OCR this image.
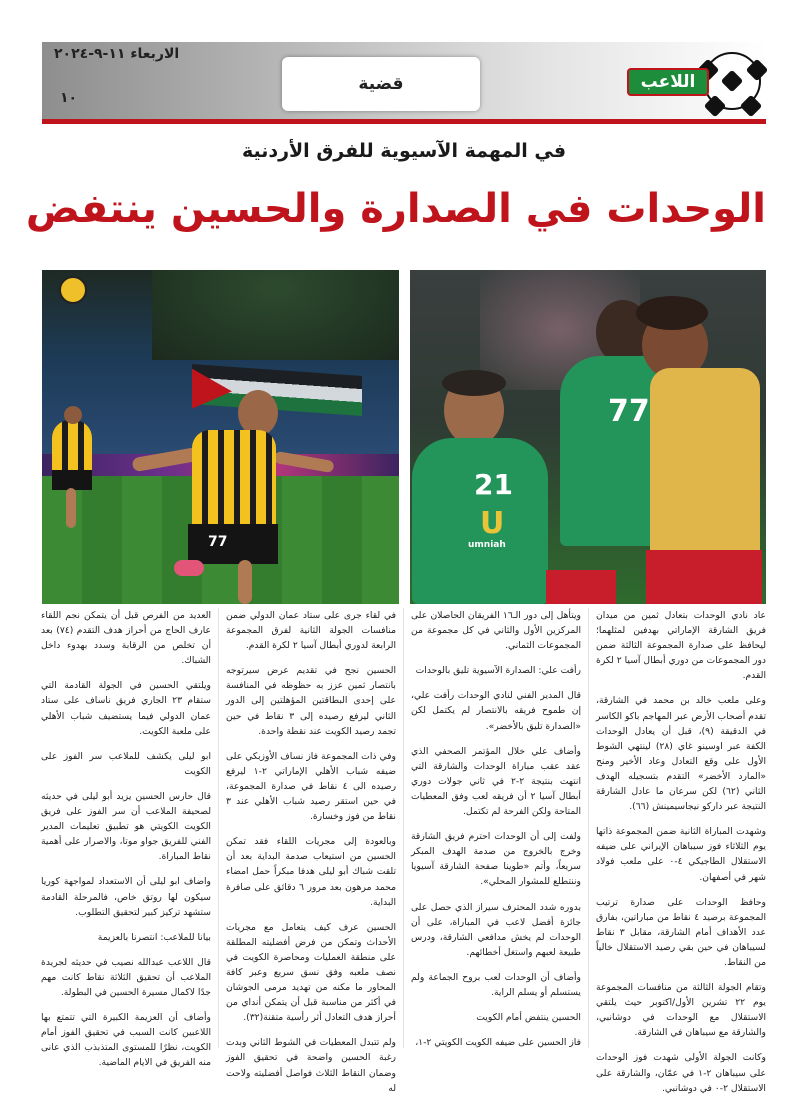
اللاعب
قضية
الاربعاء ١١-٩-٢٠٢٤
١٠
في المهمة الآسيوية للفرق الأردنية
الوحدات في الصدارة والحسين ينتفض
77
21
U
umniah
77

عاد نادي الوحدات بتعادل ثمين من ميدان فريق الشارقة الإماراتي بهدفين لمثلهما؛ ليحافظ على صدارة المجموعة الثالثة ضمن دور المجموعات من دوري أبطال آسيا ٢ لكرة القدم.

وعلى ملعب خالد بن محمد في الشارقة، تقدم أصحاب الأرض عبر المهاجم باكو الكاسر في الدقيقة (٩)، قبل أن يعادل الوحدات الكفة عبر اوسينو غاي (٢٨) لينتهي الشوط الأول على وقع التعادل وعاد الأخير ومنح «المارد الأخضر» التقدم بتسجيله الهدف الثاني (٦٢) لكن سرعان ما عادل الشارقة النتيجة عبر داركو نيجاسيمينش (٦٦).

وشهدت المباراة الثانية ضمن المجموعة ذاتها يوم الثلاثاء فوز سيباهان الإيراني على ضيفه الاستقلال الطاجيكي ٤-٠ على ملعب فولاد شهر في أصفهان.

وحافظ الوحدات على صدارة ترتيب المجموعة برصيد ٤ نقاط من مباراتين، بفارق عدد الأهداف أمام الشارقة، مقابل ٣ نقاط لسيباهان في حين بقي رصيد الاستقلال خالياً من النقاط.

وتقام الجولة الثالثة من منافسات المجموعة يوم ٢٢ تشرين الأول/اكتوبر حيث يلتقي الاستقلال مع الوحدات في دوشانبي، والشارقة مع سيباهان في الشارقة.

وكانت الجولة الأولى شهدت فوز الوحدات على سيباهان ٢-١ في عمّان، والشارقة على الاستقلال ٢-٠ في دوشانبي.

ويتأهل إلى دور الـ١٦ الفريقان الحاصلان على المركزين الأول والثاني في كل مجموعة من المجموعات الثماني.

رأفت علي: الصدارة الآسيوية تليق بالوحدات

قال المدير الفني لنادي الوحدات رأفت علي، إن طموح فريقه بالانتصار لم يكتمل لكن «الصدارة تليق بالأخضر».

وأضاف علي خلال المؤتمر الصحفي الذي عقد عقب مباراة الوحدات والشارقة التي انتهت بنتيجة ٢-٢ في ثاني جولات دوري أبطال آسيا ٢ أن فريقه لعب وفق المعطيات المتاحة ولكن الفرحة لم تكتمل.

ولفت إلى أن الوحدات احترم فريق الشارقة وخرج بالخروج من صدمة الهدف المبكر سريعاً، وأتم «طوينا صفحة الشارقة آسيويا وننتطلع للمشوار المحلي».

بدوره شدد المحترف سيراز الذي حصل على جائزة أفضل لاعب في المباراة، على أن الوحدات لم يخش مدافعي الشارقة، ودرس طبيعة لعبهم واستغل أخطائهم.

وأضاف أن الوحدات لعب بروح الجماعة ولم يستسلم أو يسلم الراية.

الحسين ينتفض أمام الكويت

فاز الحسين على ضيفه الكويت الكويتي ٢-١،

في لقاء جرى على ستاد عمان الدولي ضمن منافسات الجولة الثانية لفرق المجموعة الرابعة لدوري أبطال آسيا ٢ لكرة القدم.

الحسين نجح في تقديم عرض سيرتوجه بانتصار ثمين عزز به حظوظه في المنافسة على إحدى البطاقتين المؤهلتين إلى الدور الثاني ليرفع رصيده إلى ٣ نقاط في حين تجمد رصيد الكويت عند نقطة واحدة.

وفي ذات المجموعة فاز نساف الأوزبكي على ضيفه شباب الأهلي الإماراتي ٢-١ ليرفع رصيده الى ٤ نقاط في صدارة المجموعة، في حين استقر رصيد شباب الأهلي عند ٣ نقاط من فوز وخسارة.

وبالعودة إلى مجريات اللقاء فقد تمكن الحسين من استيعاب صدمة البداية بعد أن تلقت شباك أبو ليلى هدفا مبكراً حمل امضاء محمد مرهون بعد مرور ٦ دقائق على صافرة البداية.

الحسين عرف كيف يتعامل مع مجريات الأحداث وتمكن من فرض أفضليته المطلقة على منطقة العمليات ومحاصرة الكويت في نصف ملعبه وفق نسق سريع وعبر كافة المحاور ما مكنه من تهديد مرمى الجوشان في أكثر من مناسبة قبل أن يتمكن أنداي من أحراز هدف التعادل أثر رأسية متقنة(٣٢).

ولم تتبدل المعطيات في الشوط الثاني وبدت رغبة الحسين واضحة في تحقيق الفوز وضمان النقاط الثلاث فواصل أفضليته ولاحت له

العديد من الفرص قبل أن يتمكن نجم اللقاء عارف الحاج من أحراز هدف التقدم (٧٤) بعد أن تخلص من الرقابة وسدد بهدوء داخل الشباك.

ويلتقي الحسين في الجولة القادمة التي ستقام ٢٣ الجاري فريق ناساف على ستاد عمان الدولي فيما يستضيف شباب الأهلي على ملعبة الكويت.

ابو ليلى يكشف للملاعب سر الفوز على الكويت

قال حارس الحسين يزيد أبو ليلى في حديثه لصحيفة الملاعب أن سر الفوز على فريق الكويت الكويتي هو تطبيق تعليمات المدير الفني للفريق جواو موتا، والاصرار على أهمية نقاط المباراة.

واضاف ابو ليلى أن الاستعداد لمواجهة كوريا سيكون لها روتق خاص، فالمرحلة القادمة ستشهد تركيز كبير لتحقيق التطلوب.

بيانا للملاعب: انتصرنا بالعزيمة

قال اللاعب عبدالله نصيب في حديثه لجريدة الملاعب أن تحقيق الثلاثة نقاط كانت مهم جدًا لاكمال مسيرة الحسين في البطولة.

وأضاف أن العزيمة الكبيرة التي تتمتع بها اللاعبين كانت السبب في تحقيق الفوز أمام الكويت، نظرًا للمستوى المتذبذب الذي عانى منه الفريق في الايام الماضية.
